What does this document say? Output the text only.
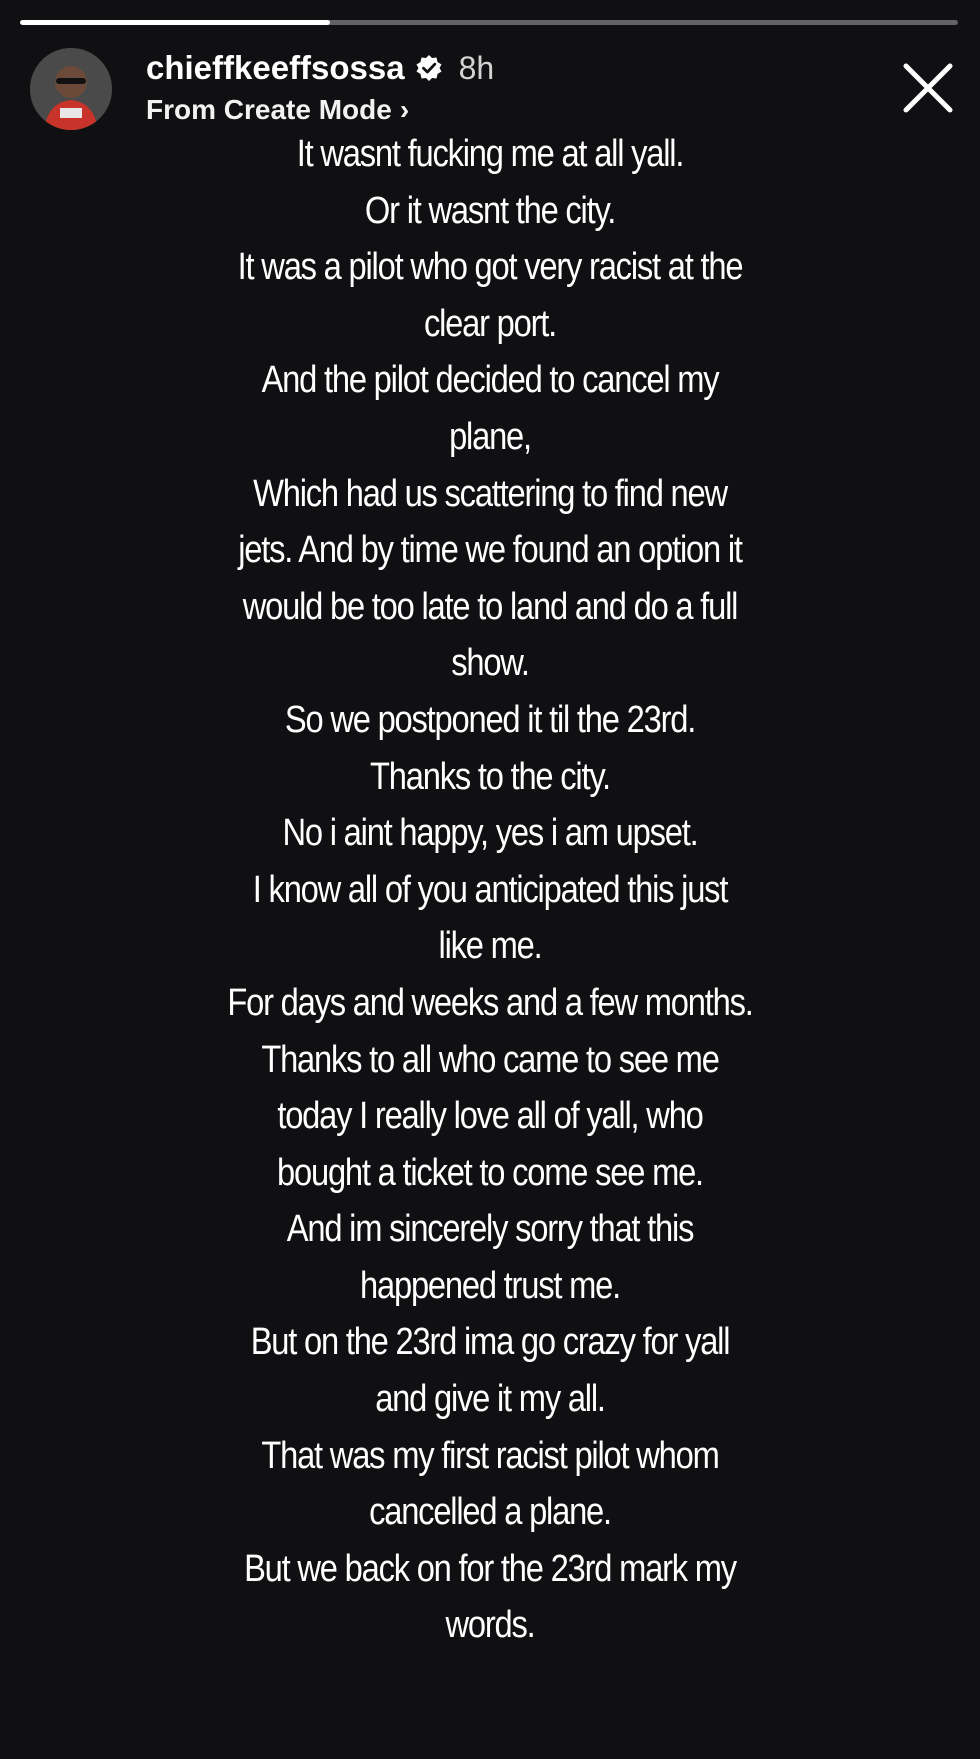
chieffkeeffsossa 8h
From Create Mode ›
It wasnt fucking me at all yall.
Or it wasnt the city.
It was a pilot who got very racist at the
clear port.
And the pilot decided to cancel my
plane,
Which had us scattering to find new
jets. And by time we found an option it
would be too late to land and do a full
show.
So we postponed it til the 23rd.
Thanks to the city.
No i aint happy, yes i am upset.
I know all of you anticipated this just
like me.
For days and weeks and a few months.
Thanks to all who came to see me
today I really love all of yall, who
bought a ticket to come see me.
And im sincerely sorry that this
happened trust me.
But on the 23rd ima go crazy for yall
and give it my all.
That was my first racist pilot whom
cancelled a plane.
But we back on for the 23rd mark my
words.
